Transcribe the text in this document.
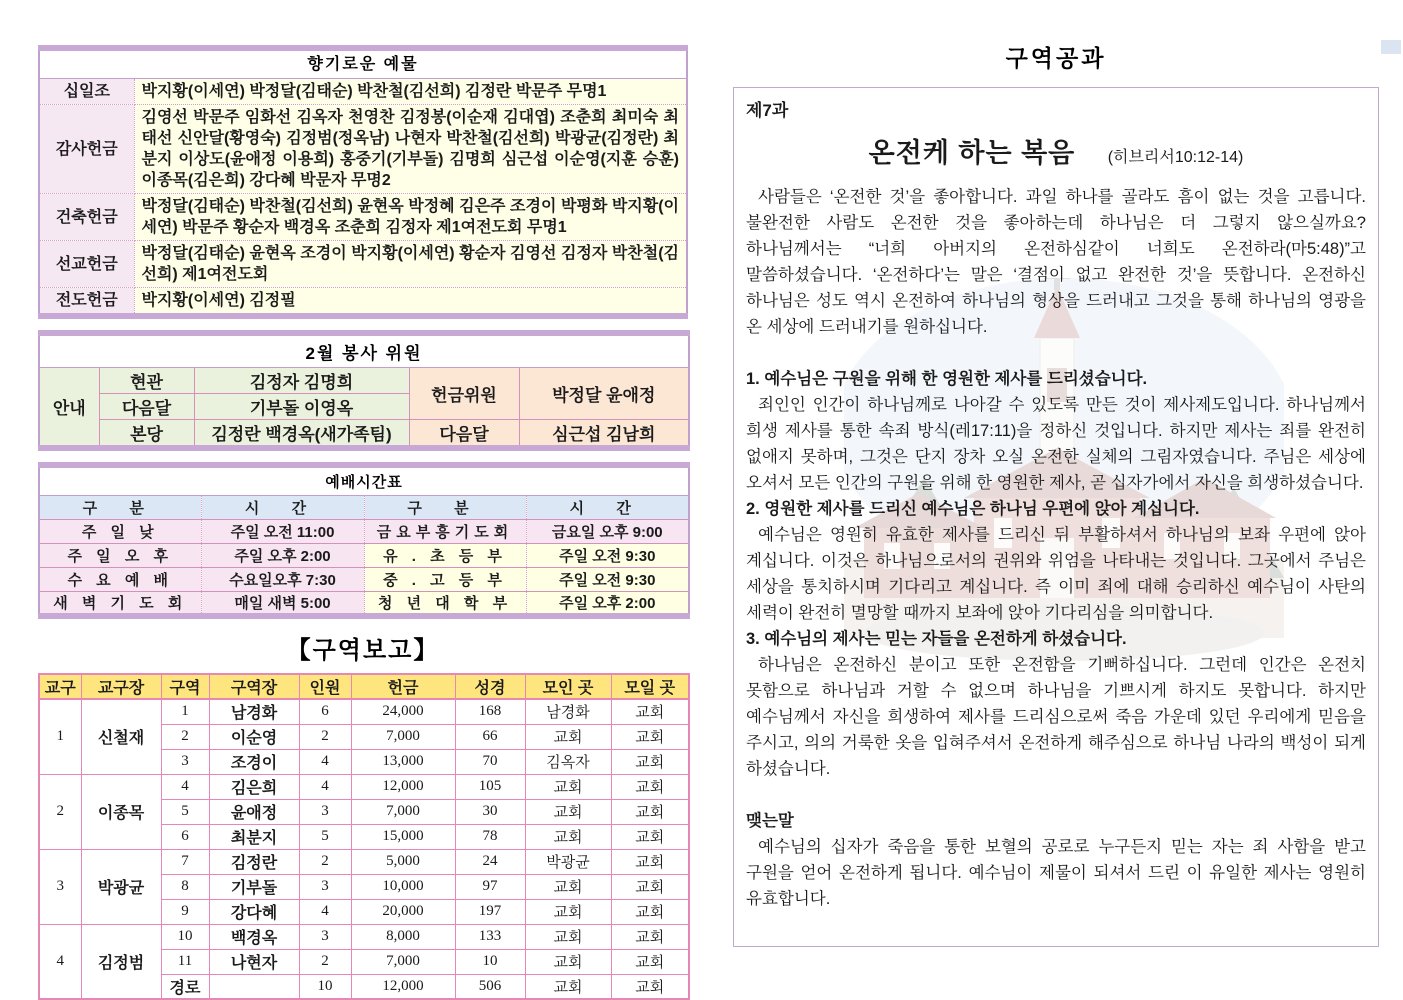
향기로운 예물	
십일조	박지황(이세연) 박정달(김태순) 박찬철(김선희) 김정란 박문주 무명1
감사헌금	김영선 박문주 임화선 김옥자 천영찬 김정봉(이순재 김대엽) 조춘희 최미숙 최태선 신안달(황영숙) 김정범(정옥남) 나현자 박찬철(김선희) 박광균(김정란) 최분지 이상도(윤애정 이용희) 홍중기(기부돌) 김명희 심근섭 이순영(지훈 승훈) 이종목(김은희) 강다혜 박문자 무명2
건축헌금	박정달(김태순) 박찬철(김선희) 윤현옥 박정혜 김은주 조경이 박평화 박지황(이세연) 박문주 황순자 백경옥 조춘희 김정자 제1여전도회 무명1
선교헌금	박정달(김태순) 윤현옥 조경이 박지황(이세연) 황순자 김영선 김정자 박찬철(김선희) 제1여전도회
전도헌금	박지황(이세연) 김정필
2월 봉사 위원				
안내	현관	김정자 김명희	헌금위원	박정달 윤애정
	다음달	기부돌 이영옥		
	본당	김정란 백경옥(새가족팀)	다음달	심근섭 김남희
예배시간표			
구 분	시 간	구 분	시 간
주 일 낮	주일 오전 11:00	금요부흥기도회	금요일 오후 9:00
주 일 오 후	주일 오후 2:00	유 . 초 등 부	주일 오전 9:30
수 요 예 배	수요일오후 7:30	중 . 고 등 부	주일 오전 9:30
새 벽 기 도 회	매일 새벽 5:00	청 년 대 학 부	주일 오후 2:00
【구역보고】
교구	교구장	구역	구역장	인원	헌금	성경	모인 곳	모일 곳
1	신철재	1	남경화	6	24,000	168	남경화	교회
		2	이순영	2	7,000	66	교회	교회
		3	조경이	4	13,000	70	김옥자	교회
2	이종목	4	김은희	4	12,000	105	교회	교회
		5	윤애정	3	7,000	30	교회	교회
		6	최분지	5	15,000	78	교회	교회
3	박광균	7	김정란	2	5,000	24	박광균	교회
		8	기부돌	3	10,000	97	교회	교회
		9	강다혜	4	20,000	197	교회	교회
4	김정범	10	백경옥	3	8,000	133	교회	교회
		11	나현자	2	7,000	10	교회	교회
		경로		10	12,000	506	교회	교회
구역공과
제7과
온전케 하는 복음 (히브리서10:12-14)

사람들은 ‘온전한 것’을 좋아합니다. 과일 하나를 골라도 흠이 없는 것을 고릅니다. 불완전한 사람도 온전한 것을 좋아하는데 하나님은 더 그렇지 않으실까요? 하나님께서는 “너희 아버지의 온전하심같이 너희도 온전하라(마5:48)”고 말씀하셨습니다. ‘온전하다’는 말은 ‘결점이 없고 완전한 것’을 뜻합니다. 온전하신 하나님은 성도 역시 온전하여 하나님의 형상을 드러내고 그것을 통해 하나님의 영광을 온 세상에 드러내기를 원하십니다.

1. 예수님은 구원을 위해 한 영원한 제사를 드리셨습니다.

죄인인 인간이 하나님께로 나아갈 수 있도록 만든 것이 제사제도입니다. 하나님께서 희생 제사를 통한 속죄 방식(레17:11)을 정하신 것입니다. 하지만 제사는 죄를 완전히 없애지 못하며, 그것은 단지 장차 오실 온전한 실체의 그림자였습니다. 주님은 세상에 오셔서 모든 인간의 구원을 위해 한 영원한 제사, 곧 십자가에서 자신을 희생하셨습니다.

2. 영원한 제사를 드리신 예수님은 하나님 우편에 앉아 계십니다.

예수님은 영원히 유효한 제사를 드리신 뒤 부활하셔서 하나님의 보좌 우편에 앉아 계십니다. 이것은 하나님으로서의 권위와 위엄을 나타내는 것입니다. 그곳에서 주님은 세상을 통치하시며 기다리고 계십니다. 즉 이미 죄에 대해 승리하신 예수님이 사탄의 세력이 완전히 멸망할 때까지 보좌에 앉아 기다리심을 의미합니다.

3. 예수님의 제사는 믿는 자들을 온전하게 하셨습니다.

하나님은 온전하신 분이고 또한 온전함을 기뻐하십니다. 그런데 인간은 온전치 못함으로 하나님과 거할 수 없으며 하나님을 기쁘시게 하지도 못합니다. 하지만 예수님께서 자신을 희생하여 제사를 드리심으로써 죽음 가운데 있던 우리에게 믿음을 주시고, 의의 거룩한 옷을 입혀주셔서 온전하게 해주심으로 하나님 나라의 백성이 되게 하셨습니다.

맺는말

예수님의 십자가 죽음을 통한 보혈의 공로로 누구든지 믿는 자는 죄 사함을 받고 구원을 얻어 온전하게 됩니다. 예수님이 제물이 되셔서 드린 이 유일한 제사는 영원히 유효합니다.
